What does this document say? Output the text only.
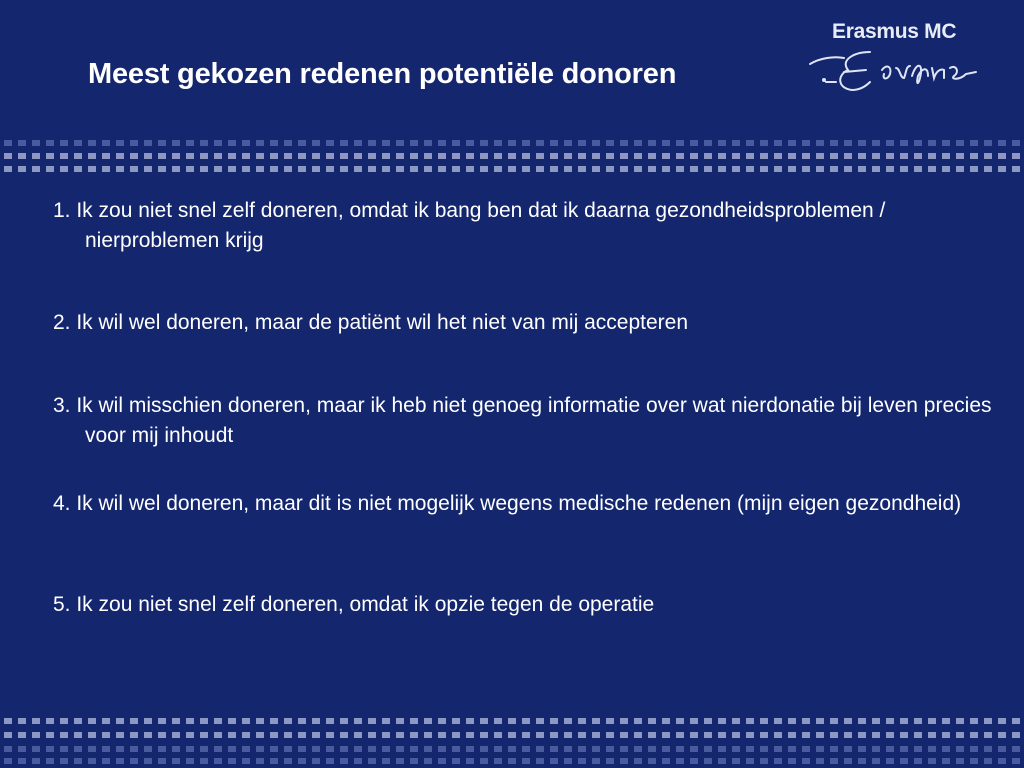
Meest gekozen redenen potentiële donoren
Erasmus MC
1. Ik zou niet snel zelf doneren, omdat ik bang ben dat ik daarna gezondheidsproblemen / nierproblemen krijg
2. Ik wil wel doneren, maar de patiënt wil het niet van mij accepteren
3. Ik wil misschien doneren, maar ik heb niet genoeg informatie over wat nierdonatie bij leven precies voor mij inhoudt
4. Ik wil wel doneren, maar dit is niet mogelijk wegens medische redenen (mijn eigen gezondheid)
5. Ik zou niet snel zelf doneren, omdat ik opzie tegen de operatie
